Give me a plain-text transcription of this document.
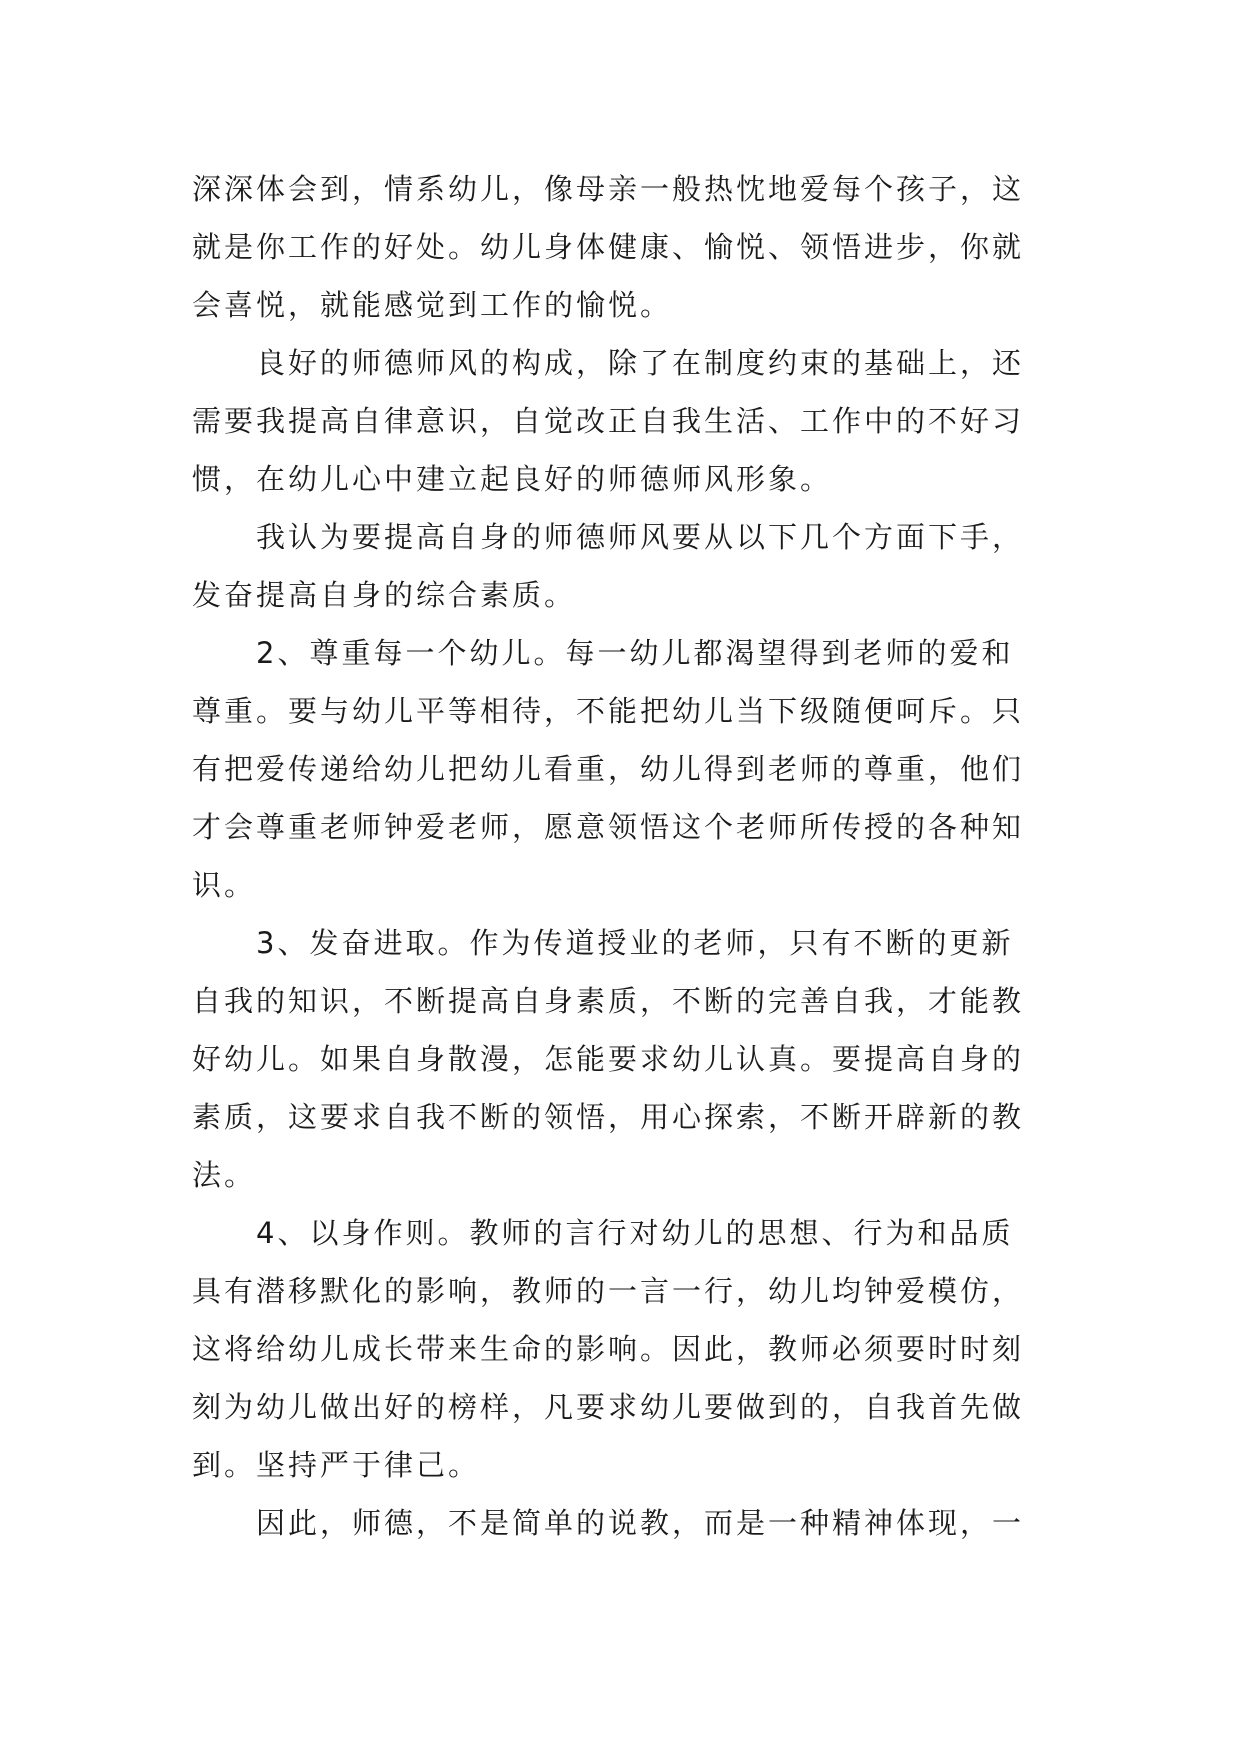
深深体会到，情系幼儿，像母亲一般热忱地爱每个孩子，这
就是你工作的好处。幼儿身体健康、愉悦、领悟进步，你就
会喜悦，就能感觉到工作的愉悦。
良好的师德师风的构成，除了在制度约束的基础上，还
需要我提高自律意识，自觉改正自我生活、工作中的不好习
惯，在幼儿心中建立起良好的师德师风形象。
我认为要提高自身的师德师风要从以下几个方面下手，
发奋提高自身的综合素质。
2、尊重每一个幼儿。每一幼儿都渴望得到老师的爱和
尊重。要与幼儿平等相待，不能把幼儿当下级随便呵斥。只
有把爱传递给幼儿把幼儿看重，幼儿得到老师的尊重，他们
才会尊重老师钟爱老师，愿意领悟这个老师所传授的各种知
识。
3、发奋进取。作为传道授业的老师，只有不断的更新
自我的知识，不断提高自身素质，不断的完善自我，才能教
好幼儿。如果自身散漫，怎能要求幼儿认真。要提高自身的
素质，这要求自我不断的领悟，用心探索，不断开辟新的教
法。
4、以身作则。教师的言行对幼儿的思想、行为和品质
具有潜移默化的影响，教师的一言一行，幼儿均钟爱模仿，
这将给幼儿成长带来生命的影响。因此，教师必须要时时刻
刻为幼儿做出好的榜样，凡要求幼儿要做到的，自我首先做
到。坚持严于律己。
因此，师德，不是简单的说教，而是一种精神体现，一
